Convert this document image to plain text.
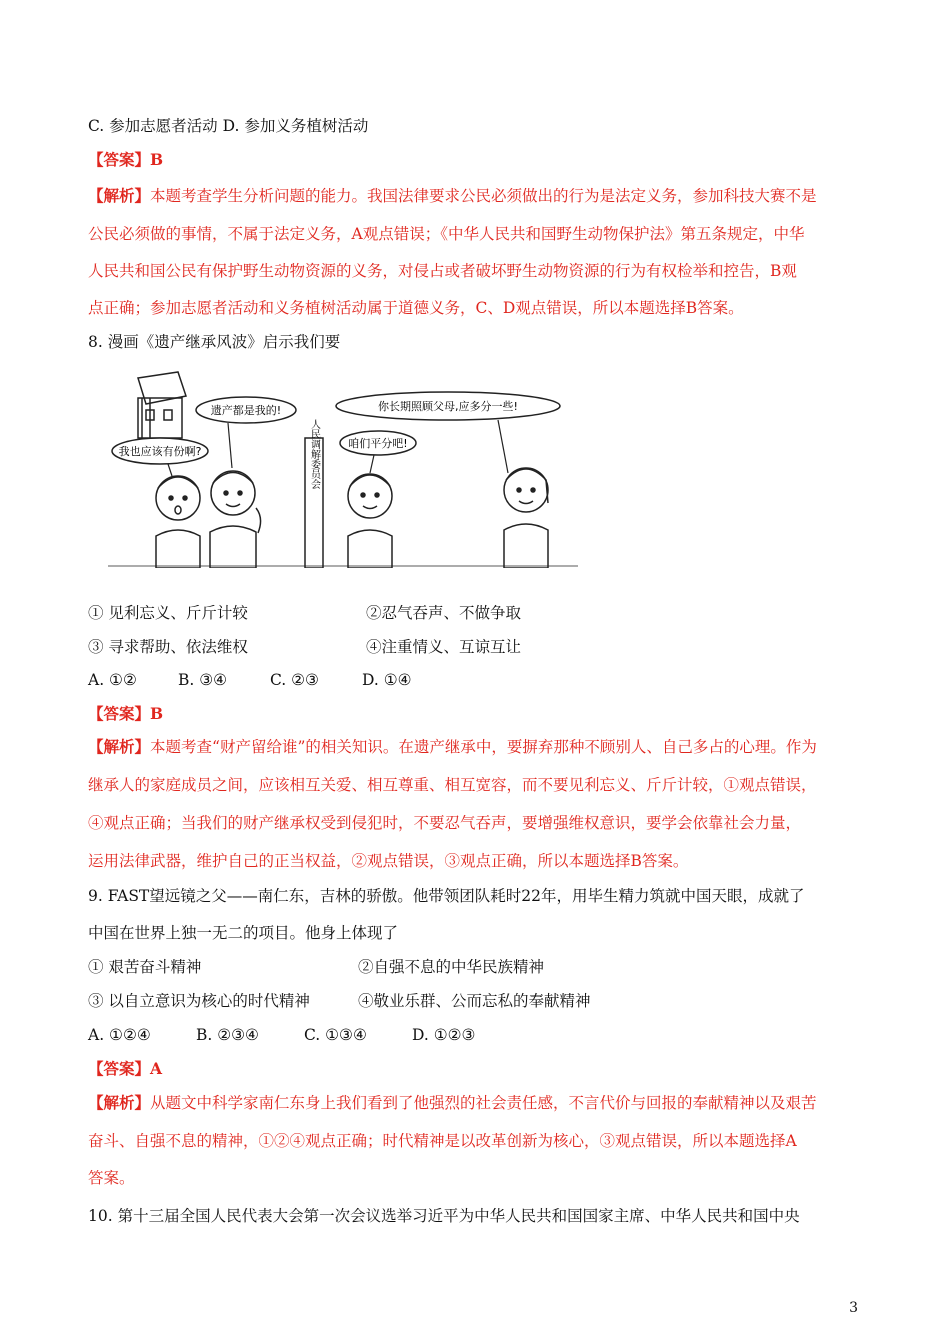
C. 参加志愿者活动 D. 参加义务植树活动
【答案】B
【解析】本题考查学生分析问题的能力。我国法律要求公民必须做出的行为是法定义务，参加科技大赛不是
公民必须做的事情，不属于法定义务，A观点错误；《中华人民共和国野生动物保护法》第五条规定，中华
人民共和国公民有保护野生动物资源的义务，对侵占或者破坏野生动物资源的行为有权检举和控告，B观
点正确；参加志愿者活动和义务植树活动属于道德义务，C、D观点错误，所以本题选择B答案。
8. 漫画《遗产继承风波》启示我们要
我也应该有份啊?
遗产都是我的!
人民调解委员会
你长期照顾父母,应多分一些!
咱们平分吧!
① 见利忘义、斤斤计较	②忍气吞声、不做争取
③ 寻求帮助、依法维权	④注重情义、互谅互让
A. ①②	B. ③④	C. ②③	D. ①④
【答案】B
【解析】本题考查“财产留给谁”的相关知识。在遗产继承中，要摒弃那种不顾别人、自己多占的心理。作为
继承人的家庭成员之间，应该相互关爱、相互尊重、相互宽容，而不要见利忘义、斤斤计较，①观点错误，
④观点正确；当我们的财产继承权受到侵犯时，不要忍气吞声，要增强维权意识，要学会依靠社会力量，
运用法律武器，维护自己的正当权益，②观点错误，③观点正确，所以本题选择B答案。
9. FAST望远镜之父——南仁东，吉林的骄傲。他带领团队耗时22年，用毕生精力筑就中国天眼，成就了
中国在世界上独一无二的项目。他身上体现了
① 艰苦奋斗精神	②自强不息的中华民族精神
③ 以自立意识为核心的时代精神	④敬业乐群、公而忘私的奉献精神
A. ①②④	B. ②③④	C. ①③④	D. ①②③
【答案】A
【解析】从题文中科学家南仁东身上我们看到了他强烈的社会责任感，不言代价与回报的奉献精神以及艰苦
奋斗、自强不息的精神，①②④观点正确；时代精神是以改革创新为核心，③观点错误，所以本题选择A
答案。
10. 第十三届全国人民代表大会第一次会议选举习近平为中华人民共和国国家主席、中华人民共和国中央
3
